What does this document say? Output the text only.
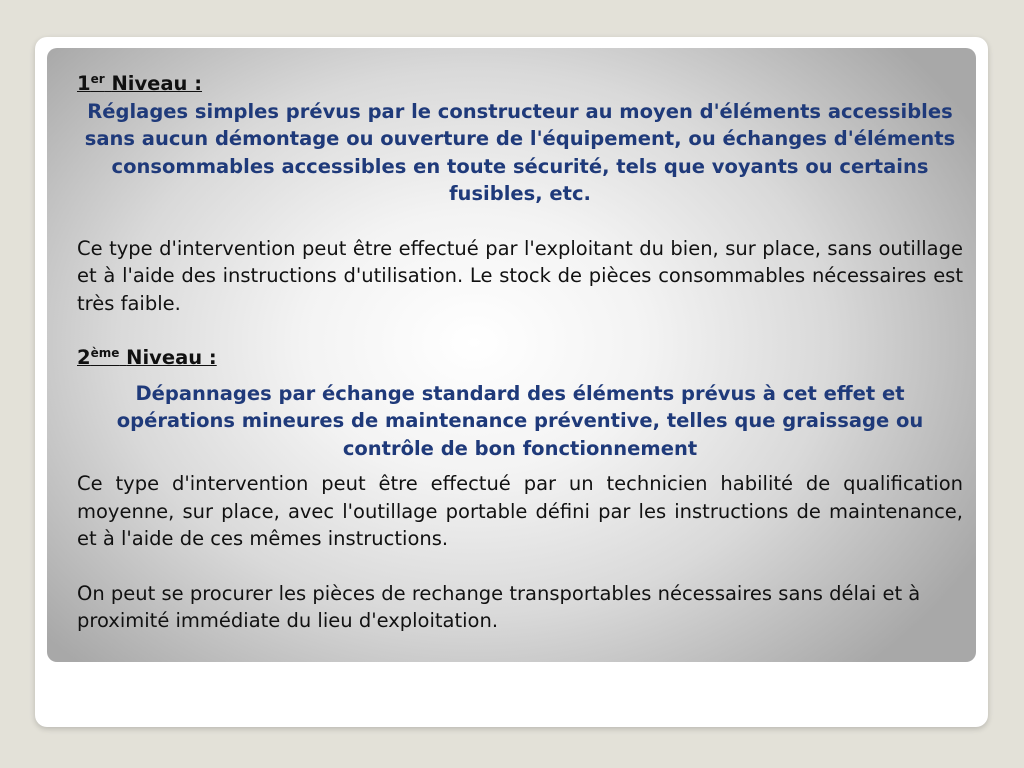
1er Niveau :

Réglages simples prévus par le constructeur au moyen d'éléments accessibles sans aucun démontage ou ouverture de l'équipement, ou échanges d'éléments consommables accessibles en toute sécurité, tels que voyants ou certains fusibles, etc.

Ce type d'intervention peut être effectué par l'exploitant du bien, sur place, sans outillage et à l'aide des instructions d'utilisation. Le stock de pièces consommables nécessaires est très faible.

2ème Niveau :

Dépannages par échange standard des éléments prévus à cet effet et opérations mineures de maintenance préventive, telles que graissage ou contrôle de bon fonctionnement

Ce type d'intervention peut être effectué par un technicien habilité de qualification moyenne, sur place, avec l'outillage portable défini par les instructions de maintenance, et à l'aide de ces mêmes instructions.

On peut se procurer les pièces de rechange transportables nécessaires sans délai et à proximité immédiate du lieu d'exploitation.
